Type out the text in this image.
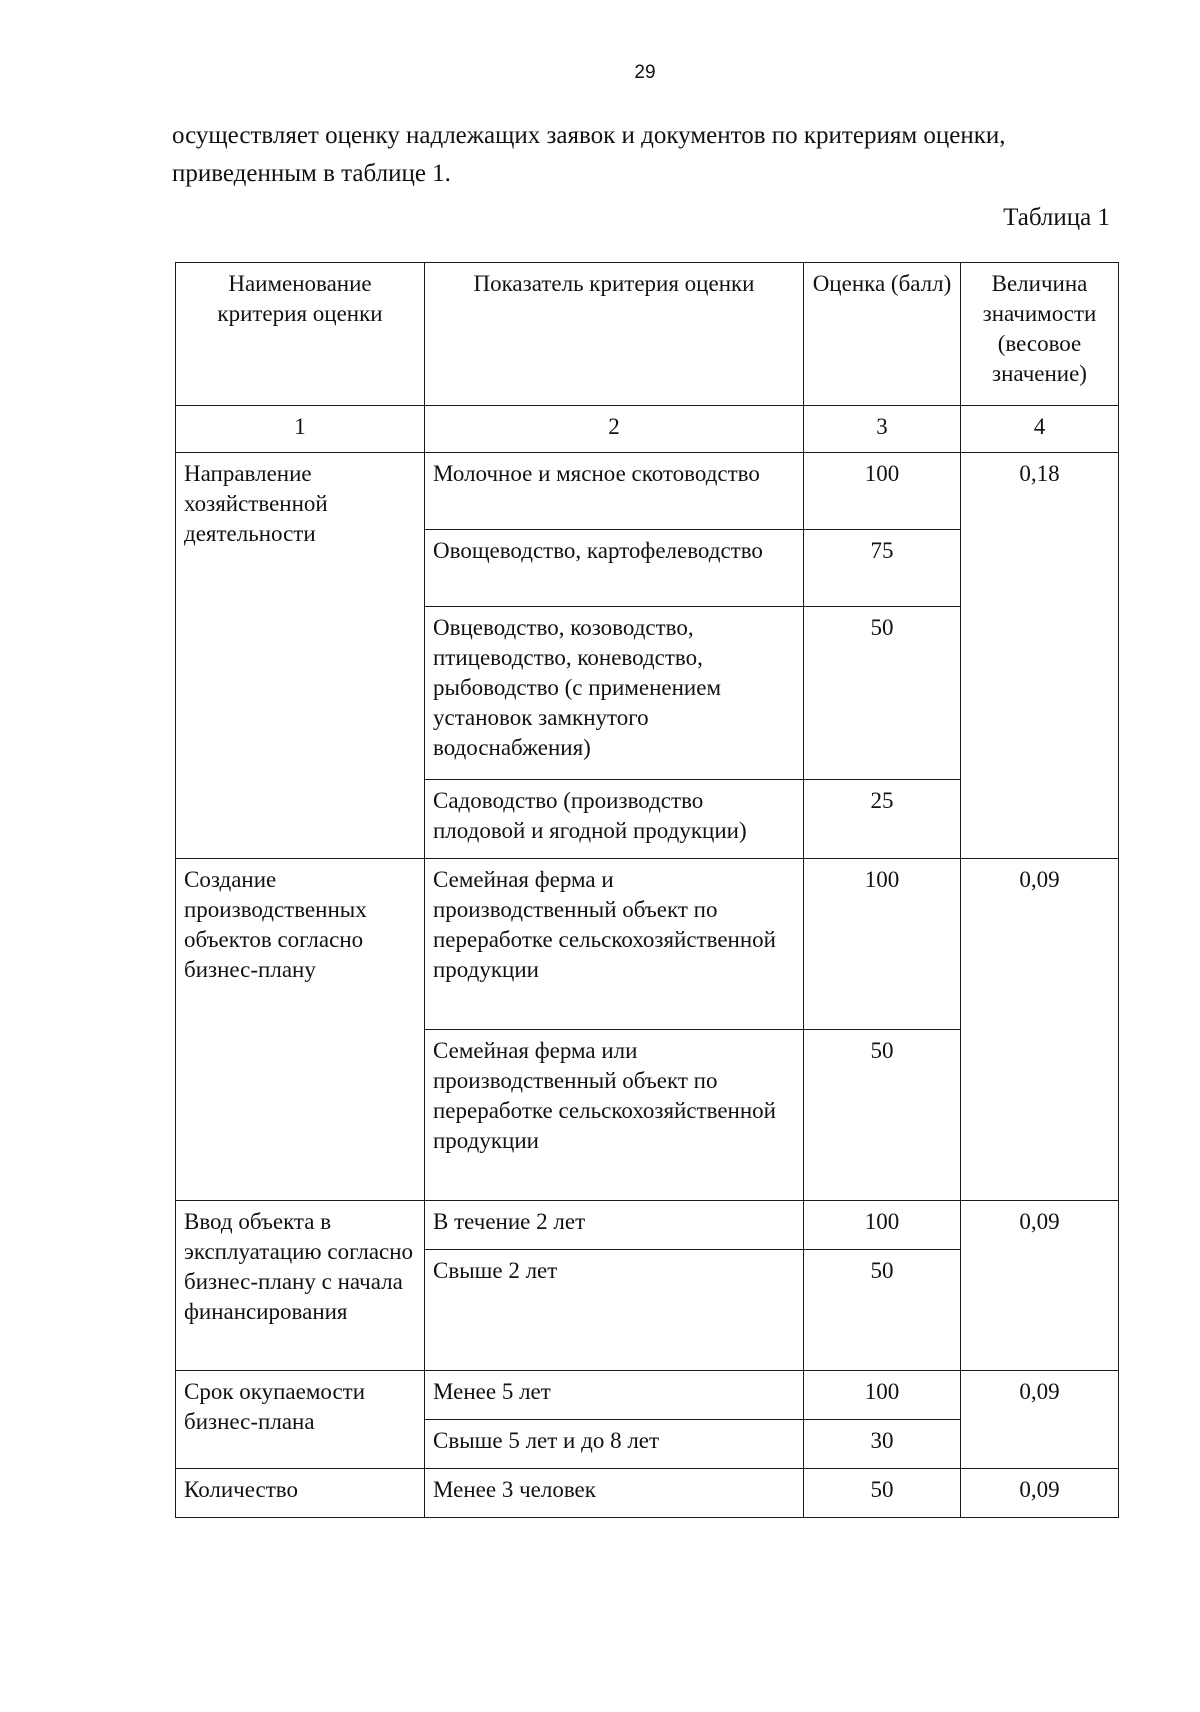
29

осуществляет оценку надлежащих заявок и документов по критериям оценки, приведенным в таблице 1.

Таблица 1
Наименование критерия оценки	Показатель критерия оценки	Оценка (балл)	Величина значимости (весовое значение)
1	2	3	4
Направление хозяйственной деятельности	Молочное и мясное скотоводство	100	0,18
	Овощеводство, картофелеводство	75	
	Овцеводство, козоводство, птицеводство, коневодство, рыбоводство (с применением установок замкнутого водоснабжения)	50	
	Садоводство (производство плодовой и ягодной продукции)	25	
Создание производственных объектов согласно бизнес-плану	Семейная ферма и производственный объект по переработке сельскохозяйственной продукции	100	0,09
	Семейная ферма или производственный объект по переработке сельскохозяйственной продукции	50	
Ввод объекта в эксплуатацию согласно бизнес-плану с начала финансирования	В течение 2 лет	100	0,09
	Свыше 2 лет	50	
Срок окупаемости бизнес-плана	Менее 5 лет	100	0,09
	Свыше 5 лет и до 8 лет	30	
Количество	Менее 3 человек	50	0,09
